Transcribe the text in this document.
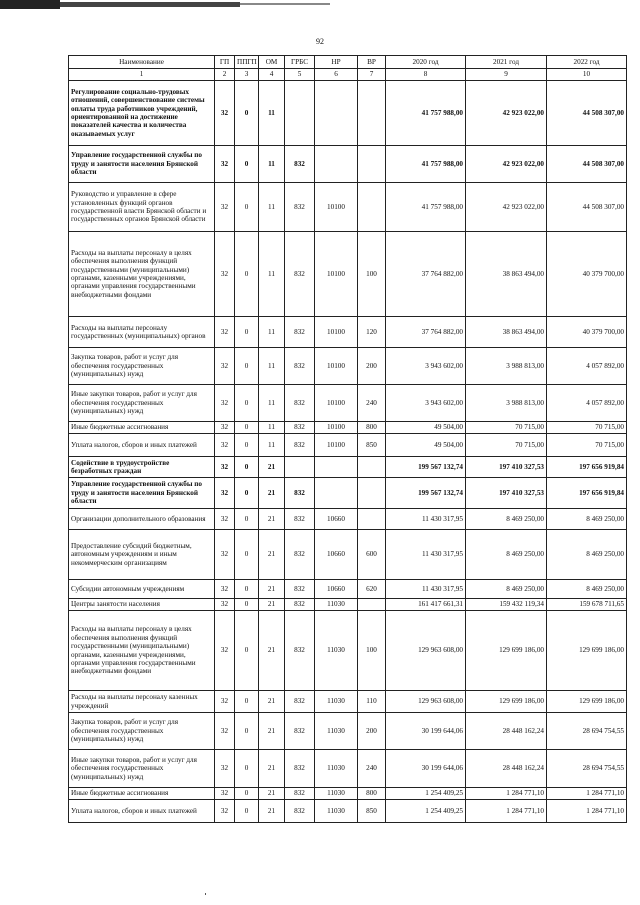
92
Наименование	ГП	ППГП	ОМ	ГРБС	НР	ВР	2020 год	2021 год	2022 год
1	2	3	4	5	6	7	8	9	10
Регулирование социально-трудовых отношений, совершенствование системы оплаты труда работников учреждений, ориентированной на достижение показателей качества и количества оказываемых услуг	32	0	11				41 757 988,00	42 923 022,00	44 508 307,00
Управление государственной службы по труду и занятости населения Брянской области	32	0	11	832			41 757 988,00	42 923 022,00	44 508 307,00
Руководство и управление в сфере установленных функций органов государственной власти Брянской области и государственных органов Брянской области	32	0	11	832	10100		41 757 988,00	42 923 022,00	44 508 307,00
Расходы на выплаты персоналу в целях обеспечения выполнения функций государственными (муниципальными) органами, казенными учреждениями, органами управления государственными внебюджетными фондами	32	0	11	832	10100	100	37 764 882,00	38 863 494,00	40 379 700,00
Расходы на выплаты персоналу государственных (муниципальных) органов	32	0	11	832	10100	120	37 764 882,00	38 863 494,00	40 379 700,00
Закупка товаров, работ и услуг для обеспечения государственных (муниципальных) нужд	32	0	11	832	10100	200	3 943 602,00	3 988 813,00	4 057 892,00
Иные закупки товаров, работ и услуг для обеспечения государственных (муниципальных) нужд	32	0	11	832	10100	240	3 943 602,00	3 988 813,00	4 057 892,00
Иные бюджетные ассигнования	32	0	11	832	10100	800	49 504,00	70 715,00	70 715,00
Уплата налогов, сборов и иных платежей	32	0	11	832	10100	850	49 504,00	70 715,00	70 715,00
Содействие в трудоустройстве безработных граждан	32	0	21				199 567 132,74	197 410 327,53	197 656 919,84
Управление государственной службы по труду и занятости населения Брянской области	32	0	21	832			199 567 132,74	197 410 327,53	197 656 919,84
Организации дополнительного образования	32	0	21	832	10660		11 430 317,95	8 469 250,00	8 469 250,00
Предоставление субсидий бюджетным, автономным учреждениям и иным некоммерческим организациям	32	0	21	832	10660	600	11 430 317,95	8 469 250,00	8 469 250,00
Субсидии автономным учреждениям	32	0	21	832	10660	620	11 430 317,95	8 469 250,00	8 469 250,00
Центры занятости населения	32	0	21	832	11030		161 417 661,31	159 432 119,34	159 678 711,65
Расходы на выплаты персоналу в целях обеспечения выполнения функций государственными (муниципальными) органами, казенными учреждениями, органами управления государственными внебюджетными фондами	32	0	21	832	11030	100	129 963 608,00	129 699 186,00	129 699 186,00
Расходы на выплаты персоналу казенных учреждений	32	0	21	832	11030	110	129 963 608,00	129 699 186,00	129 699 186,00
Закупка товаров, работ и услуг для обеспечения государственных (муниципальных) нужд	32	0	21	832	11030	200	30 199 644,06	28 448 162,24	28 694 754,55
Иные закупки товаров, работ и услуг для обеспечения государственных (муниципальных) нужд	32	0	21	832	11030	240	30 199 644,06	28 448 162,24	28 694 754,55
Иные бюджетные ассигнования	32	0	21	832	11030	800	1 254 409,25	1 284 771,10	1 284 771,10
Уплата налогов, сборов и иных платежей	32	0	21	832	11030	850	1 254 409,25	1 284 771,10	1 284 771,10
